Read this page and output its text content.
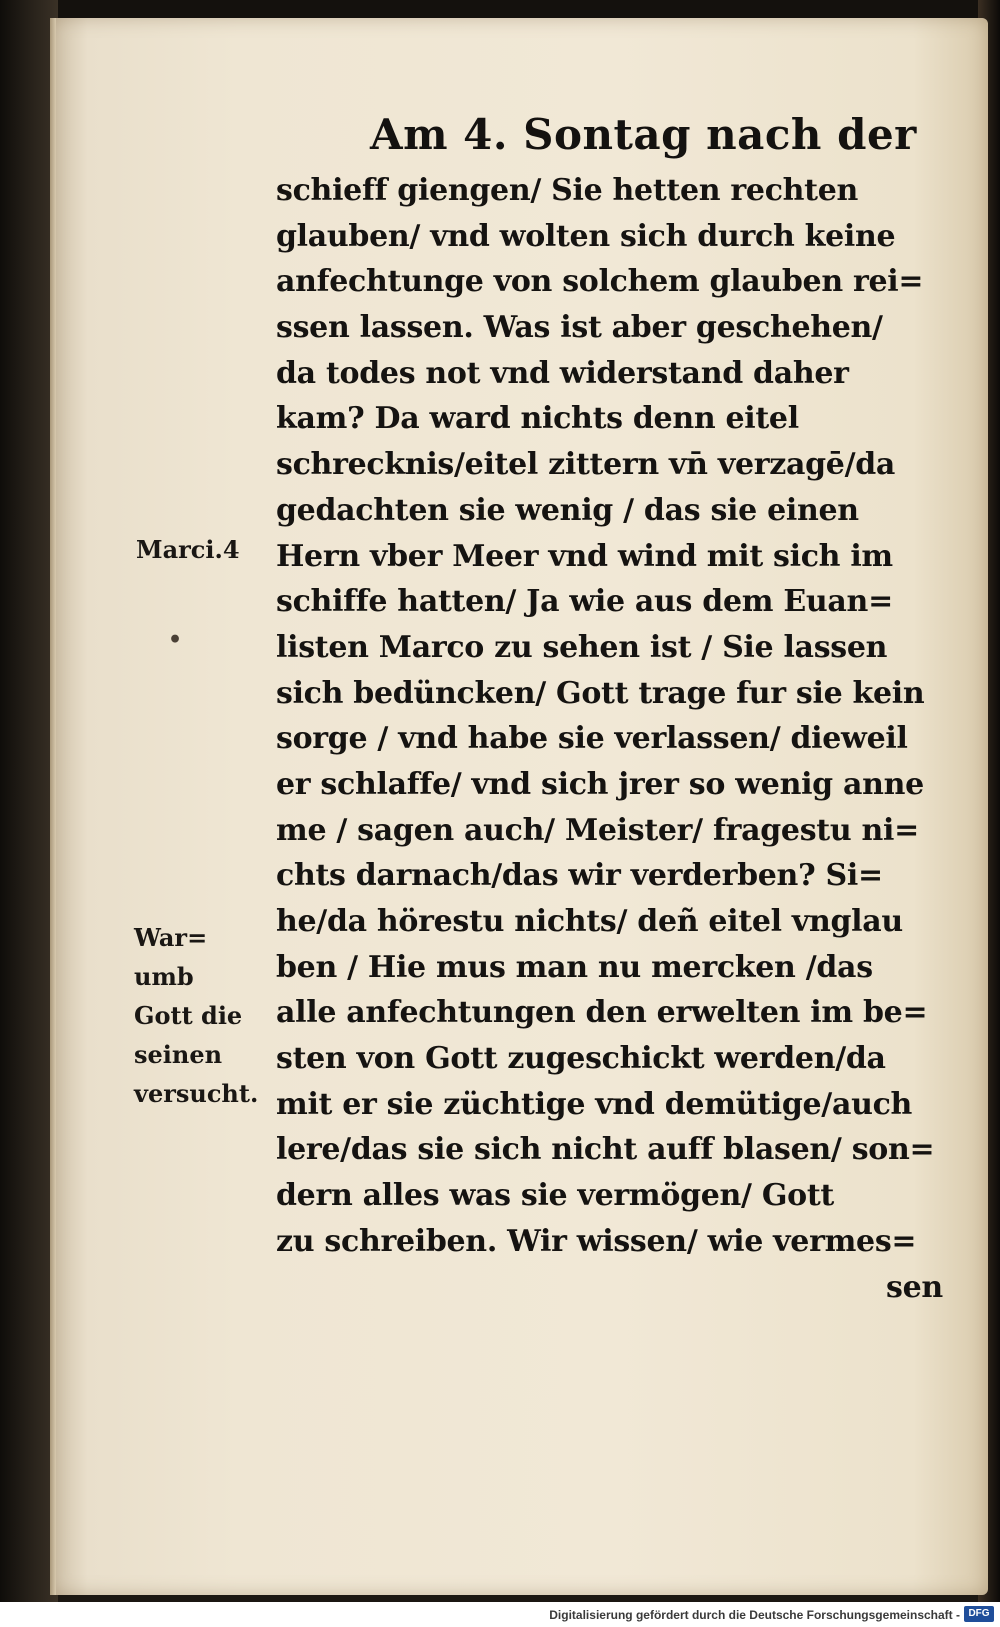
Am 4. Sontag nach der
schieff giengen/ Sie hetten rechten
glauben/ vnd wolten sich durch keine
anfechtunge von solchem glauben rei=
ssen lassen. Was ist aber geschehen/
da todes not vnd widerstand daher
kam? Da ward nichts denn eitel
schrecknis/eitel zittern vn̄ verzagē/da
gedachten sie wenig / das sie einen
Hern vber Meer vnd wind mit sich im
schiffe hatten/ Ja wie aus dem Euan=
listen Marco zu sehen ist / Sie lassen
sich bedüncken/ Gott trage fur sie kein
sorge / vnd habe sie verlassen/ dieweil
er schlaffe/ vnd sich jrer so wenig anne
me / sagen auch/ Meister/ fragestu ni=
chts darnach/das wir verderben? Si=
he/da hörestu nichts/ deñ eitel vnglau
ben / Hie mus man nu mercken /das
alle anfechtungen den erwelten im be=
sten von Gott zugeschickt werden/da
mit er sie züchtige vnd demütige/auch
lere/das sie sich nicht auff blasen/ son=
dern alles was sie vermögen/ Gott
zu schreiben. Wir wissen/ wie vermes=
sen
Marci.4
•
War=
umb
Gott die
seinen
versucht.
Digitalisierung gefördert durch die Deutsche Forschungsgemeinschaft - DFG
